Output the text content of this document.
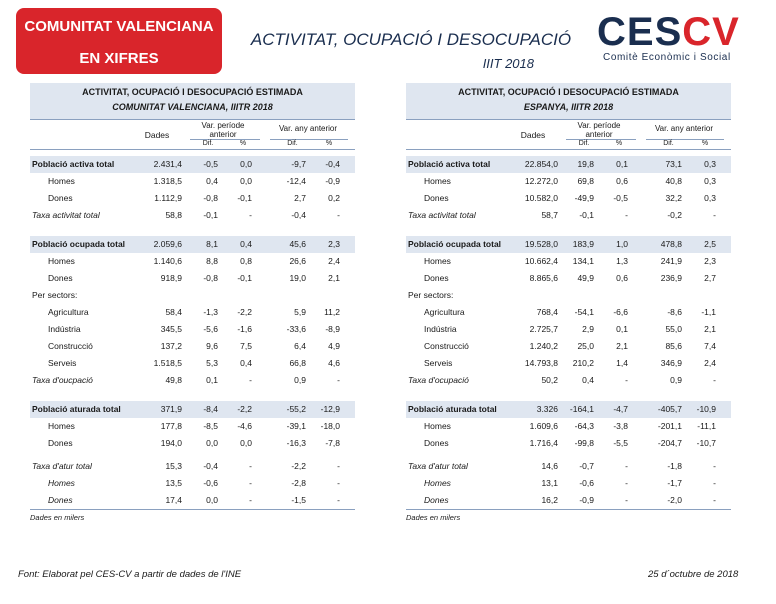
COMUNITAT VALENCIANA
EN XIFRES
ACTIVITAT, OCUPACIÓ I DESOCUPACIÓ
IIIT 2018
CESCV
Comitè Econòmic i Social
ACTIVITAT, OCUPACIÓ I DESOCUPACIÓ ESTIMADA
COMUNITAT VALENCIANA, IIITR 2018
Dades
Var. període anterior
Var. any anterior
Dif.	%	Dif.	%
Població activa total	2.431,4	-0,5	0,0	-9,7	-0,4
Homes	1.318,5	0,4	0,0	-12,4	-0,9
Dones	1.112,9	-0,8	-0,1	2,7	0,2
Taxa activitat total	58,8	-0,1	-	-0,4	-
Població ocupada total	2.059,6	8,1	0,4	45,6	2,3
Homes	1.140,6	8,8	0,8	26,6	2,4
Dones	918,9	-0,8	-0,1	19,0	2,1
Per sectors:
Agricultura	58,4	-1,3	-2,2	5,9	11,2
Indústria	345,5	-5,6	-1,6	-33,6	-8,9
Construcció	137,2	9,6	7,5	6,4	4,9
Serveis	1.518,5	5,3	0,4	66,8	4,6
Taxa d'oucpació	49,8	0,1	-	0,9	-
Població aturada total	371,9	-8,4	-2,2	-55,2	-12,9
Homes	177,8	-8,5	-4,6	-39,1	-18,0
Dones	194,0	0,0	0,0	-16,3	-7,8
Taxa d'atur total	15,3	-0,4	-	-2,2	-
Homes	13,5	-0,6	-	-2,8	-
Dones	17,4	0,0	-	-1,5	-
Dades en milers
ACTIVITAT, OCUPACIÓ I DESOCUPACIÓ ESTIMADA
ESPANYA, IIITR 2018
Dades
Var. període anterior
Var. any anterior
Dif.	%	Dif.	%
Població activa total	22.854,0	19,8	0,1	73,1	0,3
Homes	12.272,0	69,8	0,6	40,8	0,3
Dones	10.582,0	-49,9	-0,5	32,2	0,3
Taxa activitat total	58,7	-0,1	-	-0,2	-
Població ocupada total	19.528,0	183,9	1,0	478,8	2,5
Homes	10.662,4	134,1	1,3	241,9	2,3
Dones	8.865,6	49,9	0,6	236,9	2,7
Per sectors:
Agricultura	768,4	-54,1	-6,6	-8,6	-1,1
Indústria	2.725,7	2,9	0,1	55,0	2,1
Construcció	1.240,2	25,0	2,1	85,6	7,4
Serveis	14.793,8	210,2	1,4	346,9	2,4
Taxa d'ocupació	50,2	0,4	-	0,9	-
Població aturada total	3.326	-164,1	-4,7	-405,7	-10,9
Homes	1.609,6	-64,3	-3,8	-201,1	-11,1
Dones	1.716,4	-99,8	-5,5	-204,7	-10,7
Taxa d'atur total	14,6	-0,7	-	-1,8	-
Homes	13,1	-0,6	-	-1,7	-
Dones	16,2	-0,9	-	-2,0	-
Dades en milers
Font: Elaborat pel CES-CV a partir de dades de l'INE	25 d´octubre de 2018
